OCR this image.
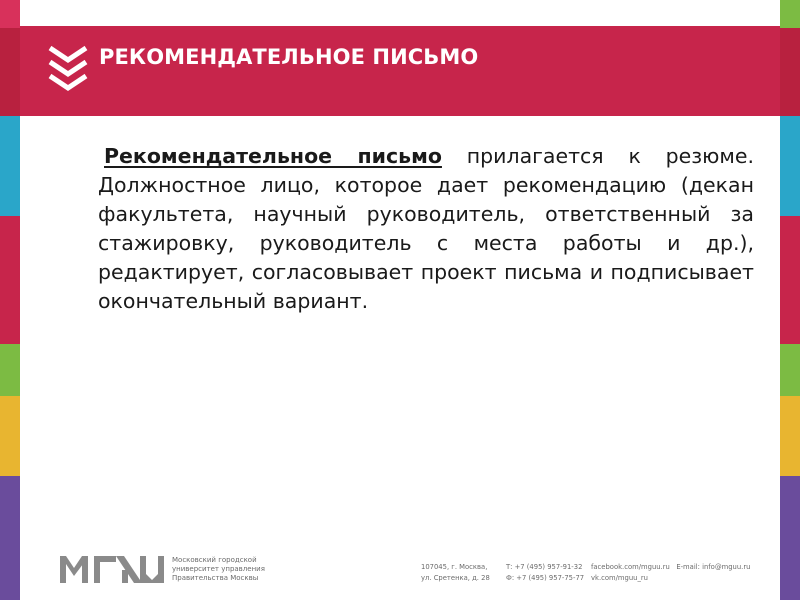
РЕКОМЕНДАТЕЛЬНОЕ ПИСЬМО

Рекомендательное письмо прилагается к резюме. Должностное лицо, которое дает рекомендацию (декан факультета, научный руководитель, ответственный за стажировку, руководитель с места работы и др.), редактирует, согласовывает проект письма и подписывает окончательный вариант.

Московский городской
университет управления
Правительства Москвы
107045, г. Москва,
ул. Сретенка, д. 28
Т: +7 (495) 957-91-32
Ф: +7 (495) 957-75-77
facebook.com/mguu.ru E-mail: info@mguu.ru
vk.com/mguu_ru
